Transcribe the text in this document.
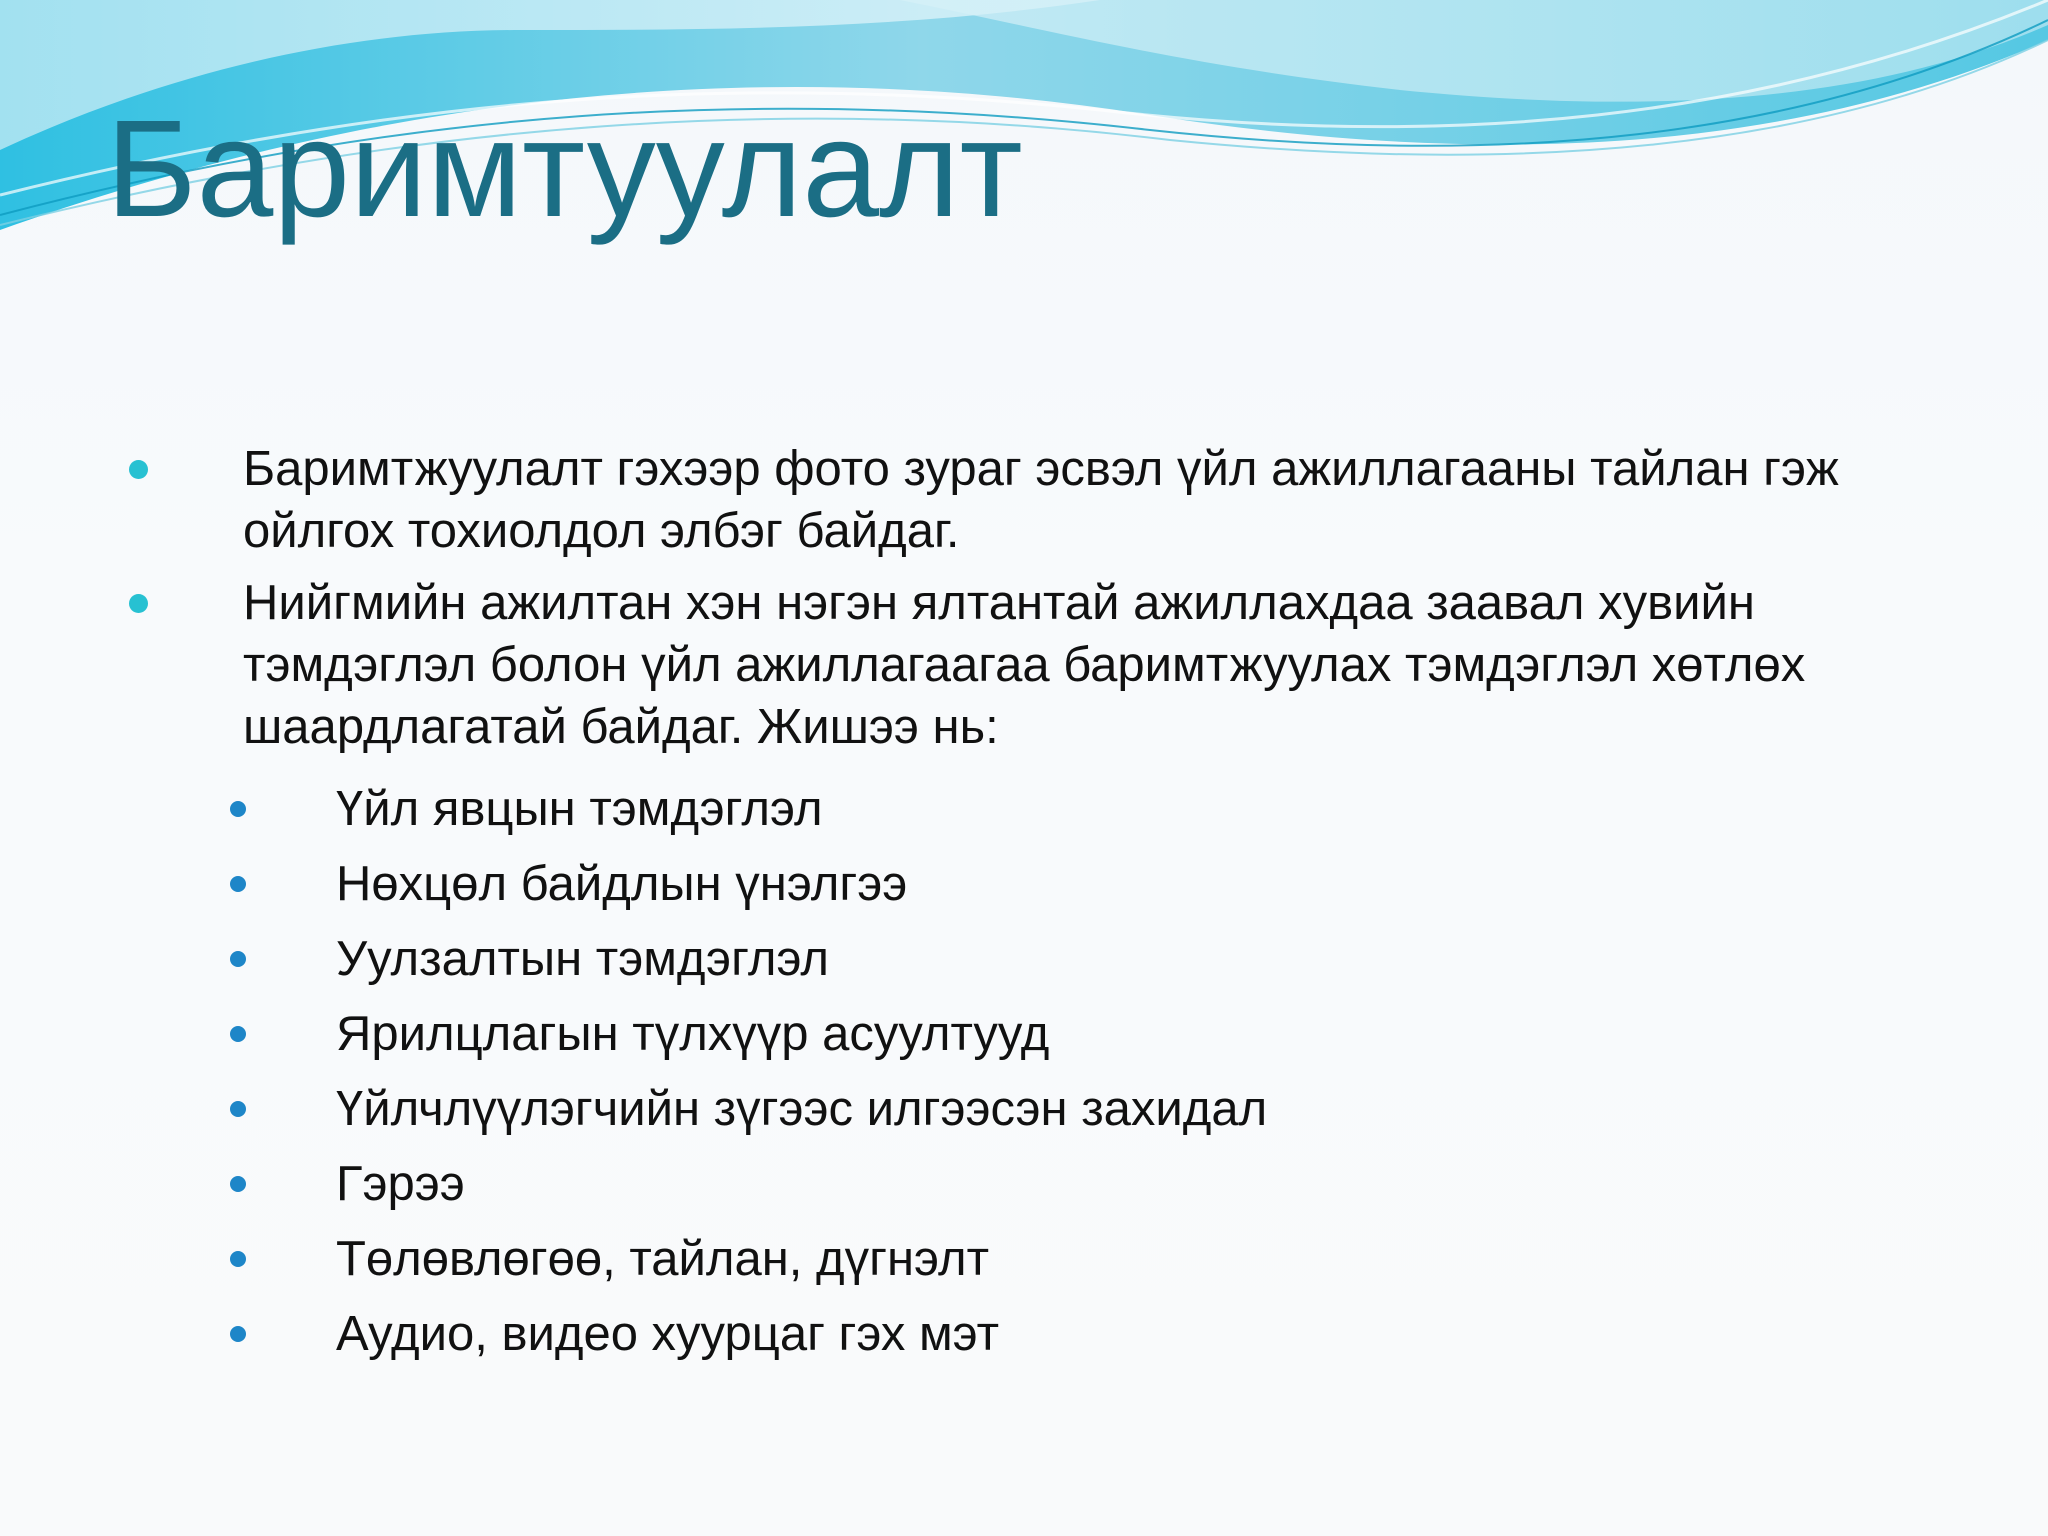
Баримтуулалт
Баримтжуулалт гэхээр фото зураг эсвэл үйл ажиллагааны тайлан гэж ойлгох тохиолдол элбэг байдаг.
Нийгмийн ажилтан хэн нэгэн ялтантай ажиллахдаа заавал хувийн тэмдэглэл болон үйл ажиллагаагаа баримтжуулах тэмдэглэл хөтлөх шаардлагатай байдаг. Жишээ нь:
Үйл явцын тэмдэглэл
Нөхцөл байдлын үнэлгээ
Уулзалтын тэмдэглэл
Ярилцлагын түлхүүр асуултууд
Үйлчлүүлэгчийн зүгээс илгээсэн захидал
Гэрээ
Төлөвлөгөө, тайлан, дүгнэлт
Аудио, видео хуурцаг гэх мэт
